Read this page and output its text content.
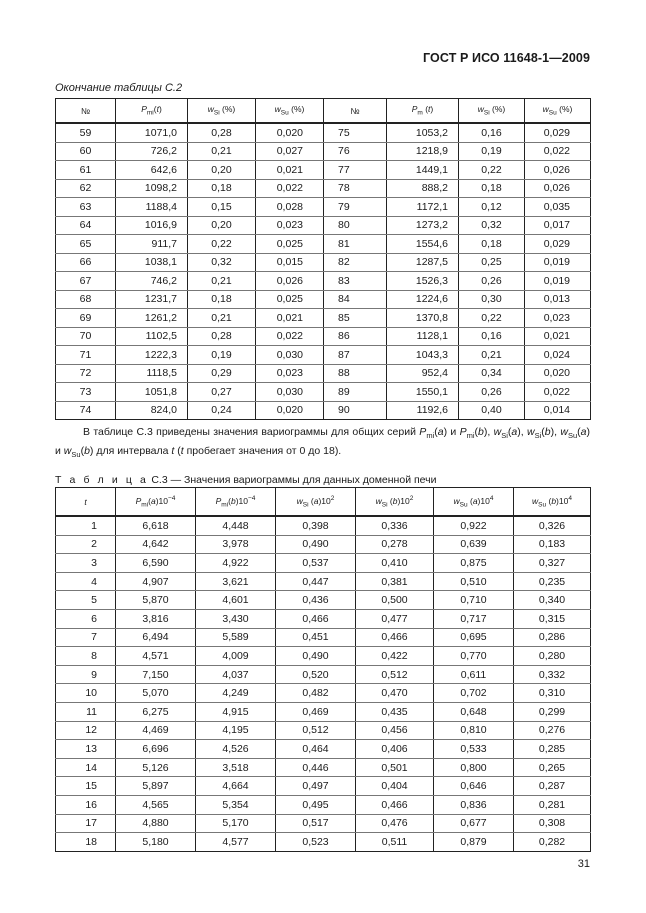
ГОСТ Р ИСО 11648-1—2009
Окончание таблицы С.2
№	$P_{mi}(t)$	$w_{Si}$ (%)	$w_{Su}$ (%)	№	$P_m$ (t)	$w_{Si}$ (%)	$w_{Su}$ (%)
59	1071,0	0,28	0,020	75	1053,2	0,16	0,029
60	726,2	0,21	0,027	76	1218,9	0,19	0,022
61	642,6	0,20	0,021	77	1449,1	0,22	0,026
62	1098,2	0,18	0,022	78	888,2	0,18	0,026
63	1188,4	0,15	0,028	79	1172,1	0,12	0,035
64	1016,9	0,20	0,023	80	1273,2	0,32	0,017
65	911,7	0,22	0,025	81	1554,6	0,18	0,029
66	1038,1	0,32	0,015	82	1287,5	0,25	0,019
67	746,2	0,21	0,026	83	1526,3	0,26	0,019
68	1231,7	0,18	0,025	84	1224,6	0,30	0,013
69	1261,2	0,21	0,021	85	1370,8	0,22	0,023
70	1102,5	0,28	0,022	86	1128,1	0,16	0,021
71	1222,3	0,19	0,030	87	1043,3	0,21	0,024
72	1118,5	0,29	0,023	88	952,4	0,34	0,020
73	1051,8	0,27	0,030	89	1550,1	0,26	0,022
74	824,0	0,24	0,020	90	1192,6	0,40	0,014
В таблице С.3 приведены значения вариограммы для общих серий $P_{mi}(a)$ и $P_{mi}(b)$, $w_{Si}(a)$, $w_{Si}(b)$, $w_{Su}(a)$ и $w_{Su}(b)$ для интервала t (t пробегает значения от 0 до 18).
Т а б л и ц а С.3 — Значения вариограммы для данных доменной печи
t	$P_{mi}(a)10^{-4}$	$P_{mi}(b)10^{-4}$	$w_{Si}$ $(a)10^2$	$w_{Si}$ $(b)10^2$	$w_{Su}$ $(a)10^4$	$w_{Su}$ $(b)10^4$
1	6,618	4,448	0,398	0,336	0,922	0,326
2	4,642	3,978	0,490	0,278	0,639	0,183
3	6,590	4,922	0,537	0,410	0,875	0,327
4	4,907	3,621	0,447	0,381	0,510	0,235
5	5,870	4,601	0,436	0,500	0,710	0,340
6	3,816	3,430	0,466	0,477	0,717	0,315
7	6,494	5,589	0,451	0,466	0,695	0,286
8	4,571	4,009	0,490	0,422	0,770	0,280
9	7,150	4,037	0,520	0,512	0,611	0,332
10	5,070	4,249	0,482	0,470	0,702	0,310
11	6,275	4,915	0,469	0,435	0,648	0,299
12	4,469	4,195	0,512	0,456	0,810	0,276
13	6,696	4,526	0,464	0,406	0,533	0,285
14	5,126	3,518	0,446	0,501	0,800	0,265
15	5,897	4,664	0,497	0,404	0,646	0,287
16	4,565	5,354	0,495	0,466	0,836	0,281
17	4,880	5,170	0,517	0,476	0,677	0,308
18	5,180	4,577	0,523	0,511	0,879	0,282
31
